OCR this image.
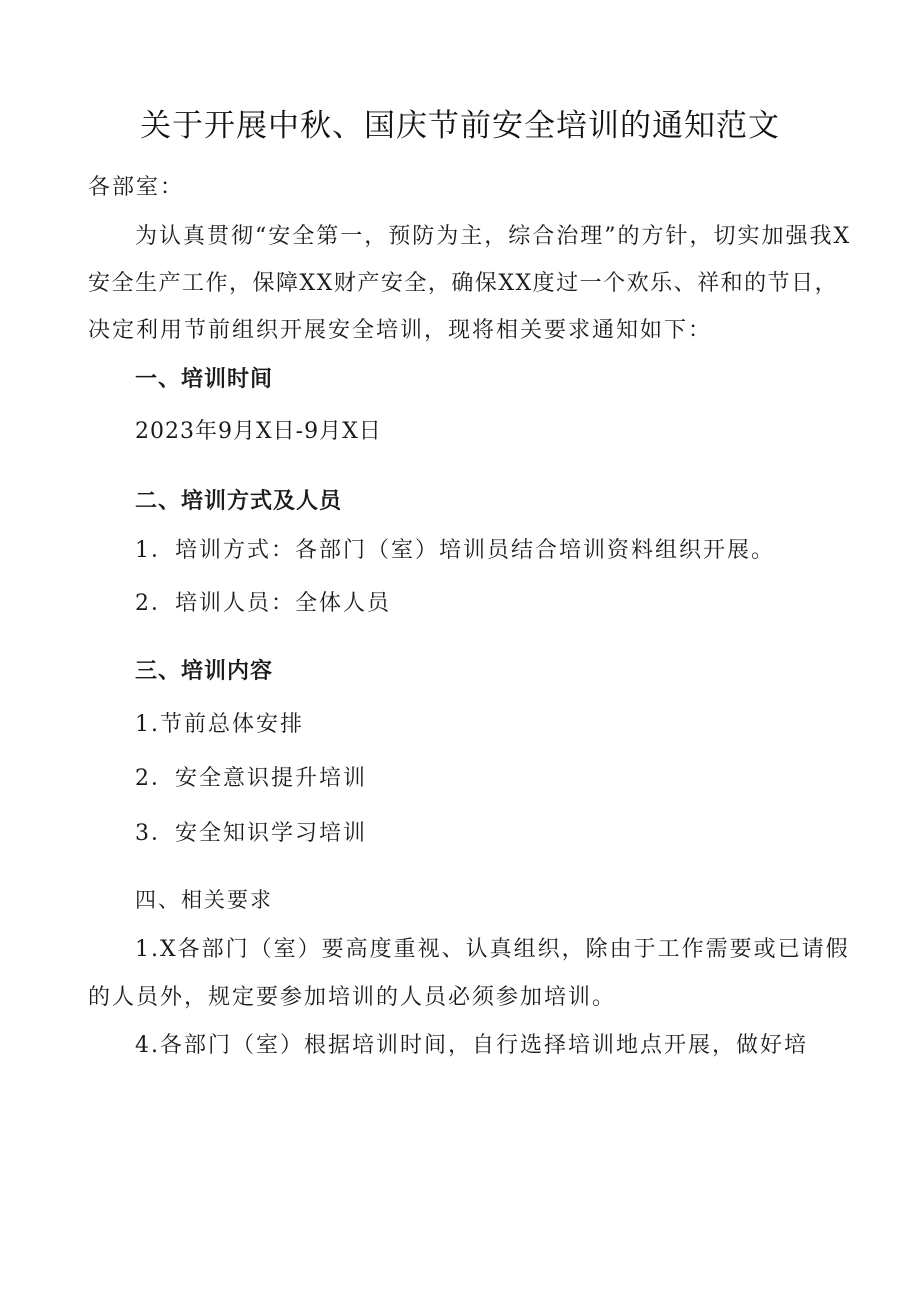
关于开展中秋、国庆节前安全培训的通知范文
各部室：
为认真贯彻“安全第一，预防为主，综合治理”的方针，切实加强我X
安全生产工作，保障XX财产安全，确保XX度过一个欢乐、祥和的节日，
决定利用节前组织开展安全培训，现将相关要求通知如下：
一、培训时间
2023年9月X日-9月X日
二、培训方式及人员
1．培训方式：各部门（室）培训员结合培训资料组织开展。
2．培训人员：全体人员
三、培训内容
1.节前总体安排
2．安全意识提升培训
3．安全知识学习培训
四、相关要求
1.X各部门（室）要高度重视、认真组织，除由于工作需要或已请假
的人员外，规定要参加培训的人员必须参加培训。
4.各部门（室）根据培训时间，自行选择培训地点开展，做好培
